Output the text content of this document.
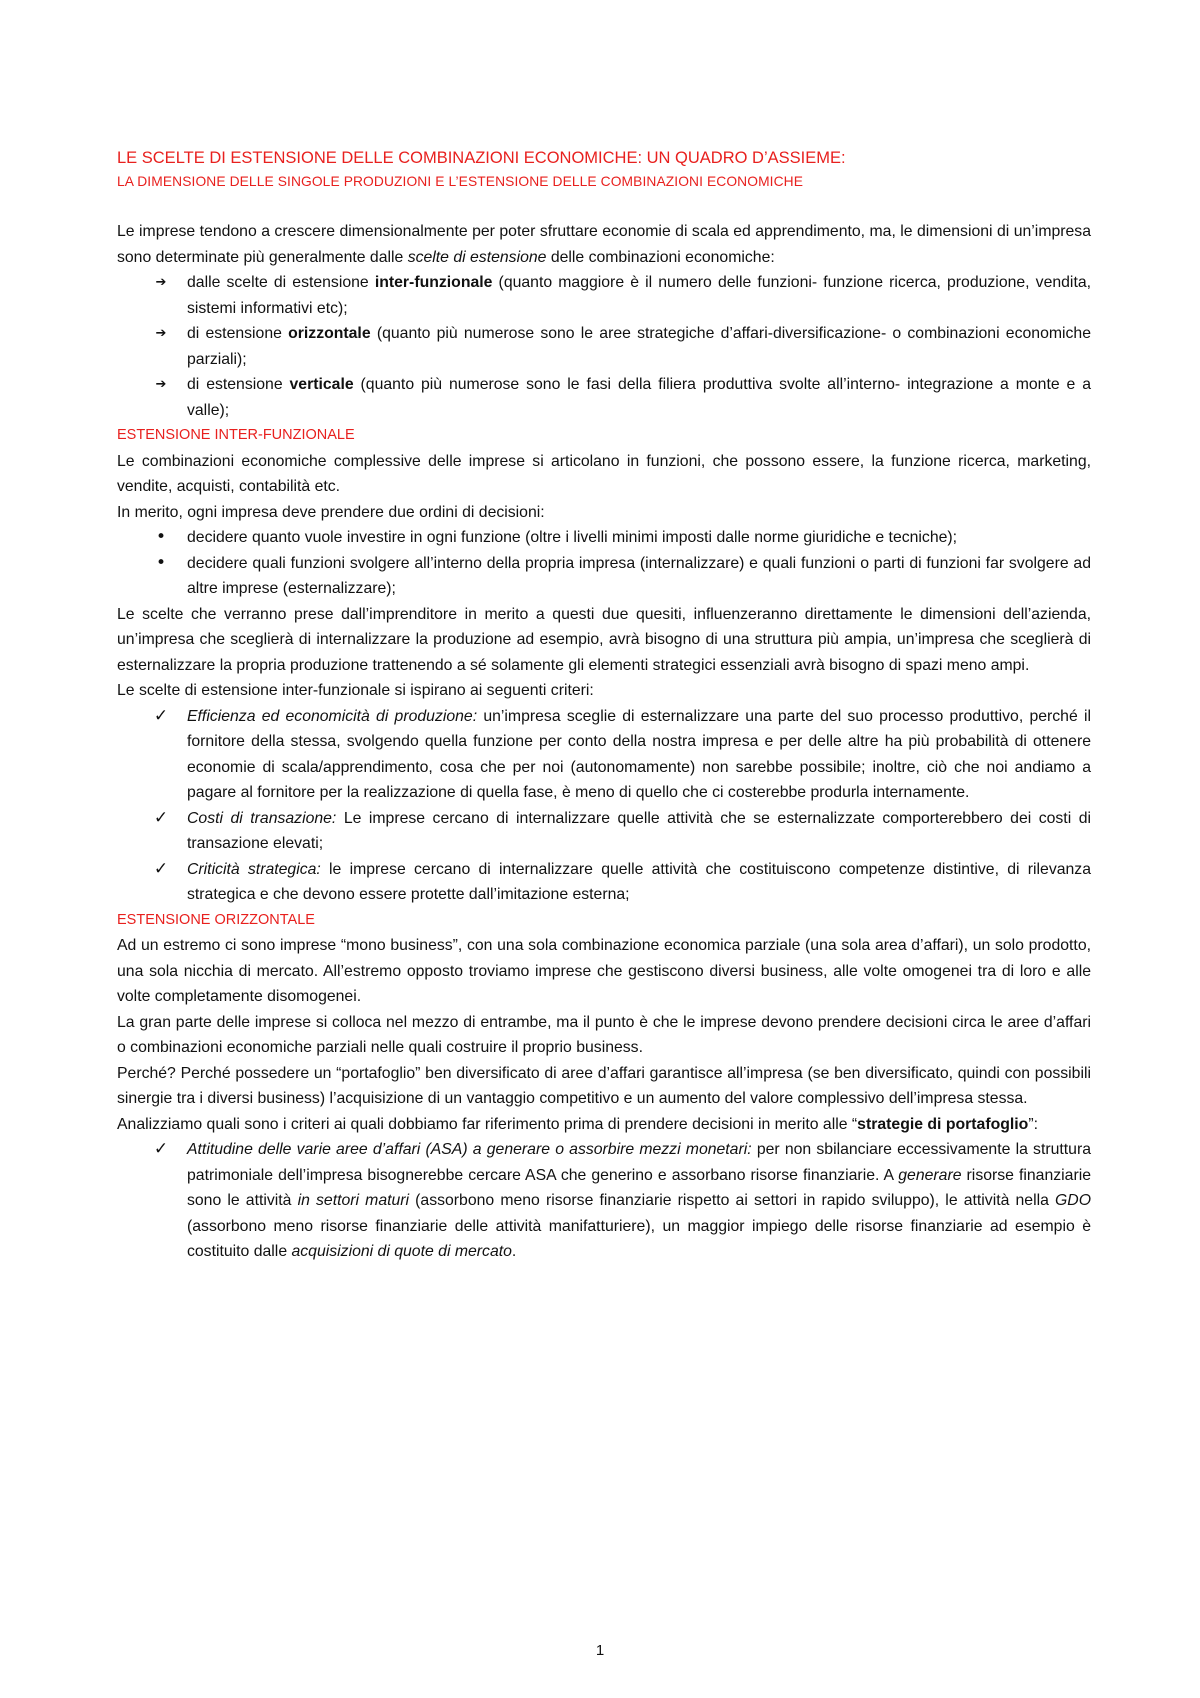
LE SCELTE DI ESTENSIONE DELLE COMBINAZIONI ECONOMICHE: UN QUADRO D’ASSIEME:
LA DIMENSIONE DELLE SINGOLE PRODUZIONI E L’ESTENSIONE DELLE COMBINAZIONI ECONOMICHE

Le imprese tendono a crescere dimensionalmente per poter sfruttare economie di scala ed apprendimento, ma, le dimensioni di un’impresa sono determinate più generalmente dalle scelte di estensione delle combinazioni economiche:

➔	dalle scelte di estensione inter-funzionale (quanto maggiore è il numero delle funzioni- funzione ricerca, produzione, vendita, sistemi informativi etc);
➔	di estensione orizzontale (quanto più numerose sono le aree strategiche d’affari-diversificazione- o combinazioni economiche parziali);
➔	di estensione verticale (quanto più numerose sono le fasi della filiera produttiva svolte all’interno- integrazione a monte e a valle);
ESTENSIONE INTER-FUNZIONALE

Le combinazioni economiche complessive delle imprese si articolano in funzioni, che possono essere, la funzione ricerca, marketing, vendite, acquisti, contabilità etc.

In merito, ogni impresa deve prendere due ordini di decisioni:

•	decidere quanto vuole investire in ogni funzione (oltre i livelli minimi imposti dalle norme giuridiche e tecniche);
•	decidere quali funzioni svolgere all’interno della propria impresa (internalizzare) e quali funzioni o parti di funzioni far svolgere ad altre imprese (esternalizzare);

Le scelte che verranno prese dall’imprenditore in merito a questi due quesiti, influenzeranno direttamente le dimensioni dell’azienda, un’impresa che sceglierà di internalizzare la produzione ad esempio, avrà bisogno di una struttura più ampia, un’impresa che sceglierà di esternalizzare la propria produzione trattenendo a sé solamente gli elementi strategici essenziali avrà bisogno di spazi meno ampi.

Le scelte di estensione inter-funzionale si ispirano ai seguenti criteri:

✓	Efficienza ed economicità di produzione: un’impresa sceglie di esternalizzare una parte del suo processo produttivo, perché il fornitore della stessa, svolgendo quella funzione per conto della nostra impresa e per delle altre ha più probabilità di ottenere economie di scala/apprendimento, cosa che per noi (autonomamente) non sarebbe possibile; inoltre, ciò che noi andiamo a pagare al fornitore per la realizzazione di quella fase, è meno di quello che ci costerebbe produrla internamente.
✓	Costi di transazione: Le imprese cercano di internalizzare quelle attività che se esternalizzate comporterebbero dei costi di transazione elevati;
✓	Criticità strategica: le imprese cercano di internalizzare quelle attività che costituiscono competenze distintive, di rilevanza strategica e che devono essere protette dall’imitazione esterna;
ESTENSIONE ORIZZONTALE

Ad un estremo ci sono imprese “mono business”, con una sola combinazione economica parziale (una sola area d’affari), un solo prodotto, una sola nicchia di mercato. All’estremo opposto troviamo imprese che gestiscono diversi business, alle volte omogenei tra di loro e alle volte completamente disomogenei.

La gran parte delle imprese si colloca nel mezzo di entrambe, ma il punto è che le imprese devono prendere decisioni circa le aree d’affari o combinazioni economiche parziali nelle quali costruire il proprio business.

Perché? Perché possedere un “portafoglio” ben diversificato di aree d’affari garantisce all’impresa (se ben diversificato, quindi con possibili sinergie tra i diversi business) l’acquisizione di un vantaggio competitivo e un aumento del valore complessivo dell’impresa stessa.

Analizziamo quali sono i criteri ai quali dobbiamo far riferimento prima di prendere decisioni in merito alle “strategie di portafoglio”:

✓	Attitudine delle varie aree d’affari (ASA) a generare o assorbire mezzi monetari: per non sbilanciare eccessivamente la struttura patrimoniale dell’impresa bisognerebbe cercare ASA che generino e assorbano risorse finanziarie. A generare risorse finanziarie sono le attività in settori maturi (assorbono meno risorse finanziarie rispetto ai settori in rapido sviluppo), le attività nella GDO (assorbono meno risorse finanziarie delle attività manifatturiere), un maggior impiego delle risorse finanziarie ad esempio è costituito dalle acquisizioni di quote di mercato.
1
